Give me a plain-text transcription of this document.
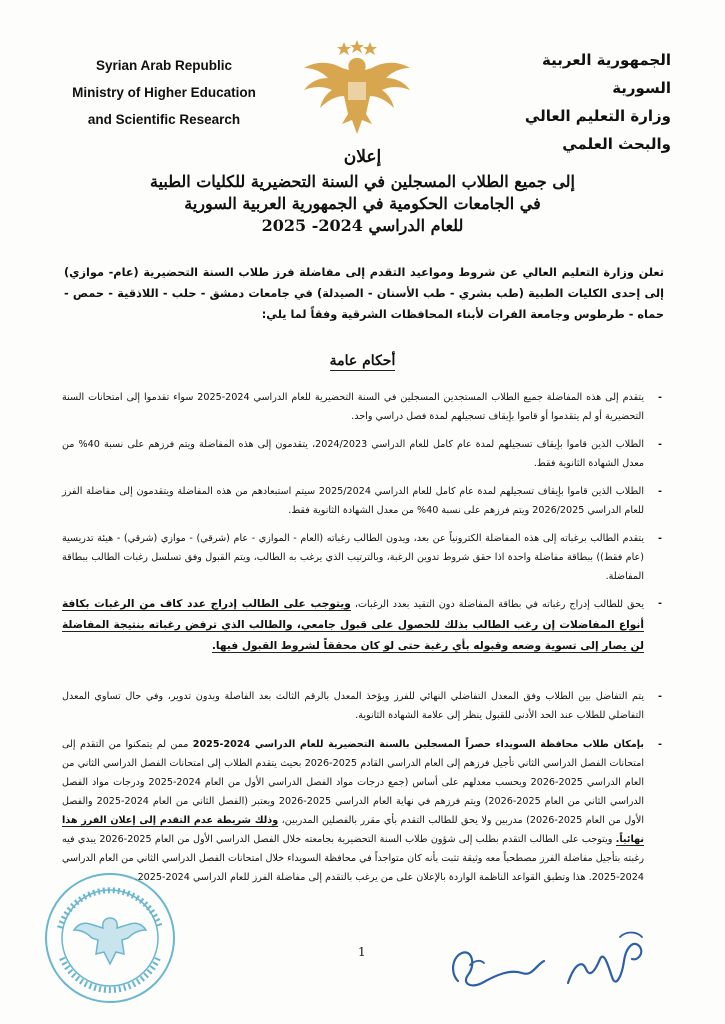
Syrian Arab Republic
Ministry of Higher Education
and Scientific Research
الجمهورية العربية السورية
وزارة التعليم العالي
والبحث العلمي
إعلان
إلى جميع الطلاب المسجلين في السنة التحضيرية للكليات الطبية
في الجامعات الحكومية في الجمهورية العربية السورية
للعام الدراسي 2024- 2025
تعلن وزارة التعليم العالي عن شروط ومواعيد التقدم إلى مفاضلة فرز طلاب السنة التحضيرية (عام- موازي) إلى إحدى الكليات الطبية (طب بشري - طب الأسنان - الصيدلة) في جامعات دمشق - حلب - اللاذقية - حمص - حماه - طرطوس وجامعة الفرات لأبناء المحافظات الشرقية وفقاً لما يلي:
أحكام عامة
- يتقدم إلى هذه المفاضلة جميع الطلاب المستجدين المسجلين في السنة التحضيرية للعام الدراسي 2024-2025 سواء تقدموا إلى امتحانات السنة التحضيرية أو لم يتقدموا أو قاموا بإيقاف تسجيلهم لمدة فصل دراسي واحد.
- الطلاب الذين قاموا بإيقاف تسجيلهم لمدة عام كامل للعام الدراسي 2024/2023، يتقدمون إلى هذه المفاضلة ويتم فرزهم على نسبة 40% من معدل الشهادة الثانوية فقط.
- الطلاب الذين قاموا بإيقاف تسجيلهم لمدة عام كامل للعام الدراسي 2025/2024 سيتم استبعادهم من هذه المفاضلة ويتقدمون إلى مفاضلة الفرز للعام الدراسي 2026/2025 ويتم فرزهم على نسبة 40% من معدل الشهادة الثانوية فقط.
- يتقدم الطالب برغباته إلى هذه المفاضلة الكترونياً عن بعد، ويدون الطالب رغباته (العام - الموازي - عام (شرقي) - موازي (شرقي) - هيئة تدريسية (عام فقط)) ببطاقة مفاضلة واحدة اذا حقق شروط تدوين الرغبة، وبالترتيب الذي يرغب به الطالب، ويتم القبول وفق تسلسل رغبات الطالب ببطاقة المفاضلة.
- يحق للطالب إدراج رغباته في بطاقة المفاضلة دون التقيد بعدد الرغبات، ويتوجب على الطالب إدراج عدد كاف من الرغبات بكافة أنواع المفاضلات إن رغب الطالب بذلك للحصول على قبول جامعي، والطالب الذي ترفض رغباته بنتيجة المفاضلة لن يصار إلى تسوية وضعه وقبوله بأي رغبة حتى لو كان محققاً لشروط القبول فيها.
- يتم التفاضل بين الطلاب وفق المعدل التفاضلي النهائي للفرز ويؤخذ المعدل بالرقم الثالث بعد الفاصلة وبدون تدوير، وفي حال تساوي المعدل التفاضلي للطلاب عند الحد الأدنى للقبول ينظر إلى علامة الشهادة الثانوية.
- بإمكان طلاب محافظة السويداء حصراً المسجلين بالسنة التحضيرية للعام الدراسي 2024-2025 ممن لم يتمكنوا من التقدم إلى امتحانات الفصل الدراسي الثاني تأجيل فرزهم إلى العام الدراسي القادم 2025-2026 بحيث يتقدم الطلاب إلى امتحانات الفصل الدراسي الثاني من العام الدراسي 2025-2026 ويحسب معدلهم على أساس (جمع درجات مواد الفصل الدراسي الأول من العام 2024-2025 ودرجات مواد الفصل الدراسي الثاني من العام 2025-2026) ويتم فرزهم في نهاية العام الدراسي 2025-2026 ويعتبر (الفصل الثاني من العام 2024-2025 والفصل الأول من العام 2025-2026) مدربين ولا يحق للطالب التقدم بأي مقرر بالفصلين المدربين، وذلك شريطة عدم التقدم إلى إعلان الفرز هذا نهائياً. ويتوجب على الطالب التقدم بطلب إلى شؤون طلاب السنة التحضيرية بجامعته خلال الفصل الدراسي الأول من العام 2025-2026 يبدي فيه رغبته بتأجيل مفاضلة الفرز مصطحباً معه وثيقة تثبت بأنه كان متواجداً في محافظة السويداء خلال امتحانات الفصل الدراسي الثاني من العام الدراسي 2024-2025. هذا وتطبق القواعد الناظمة الواردة بالإعلان على من يرغب بالتقدم إلى مفاضلة الفرز للعام الدراسي 2024-2025.
1
